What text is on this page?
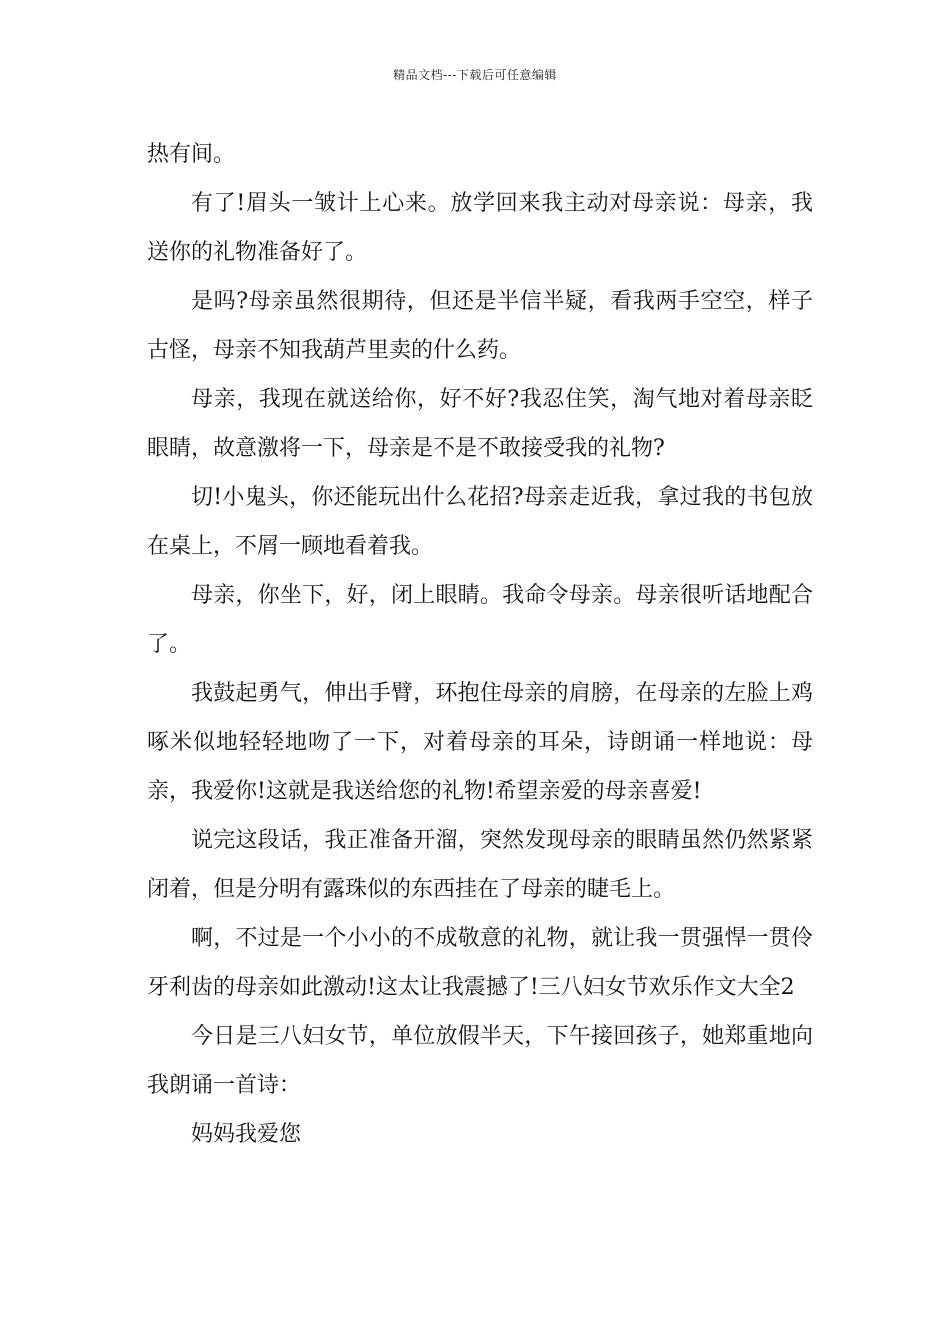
精品文档---下载后可任意编辑

热有间。

有了!眉头一皱计上心来。放学回来我主动对母亲说：母亲，我送你的礼物准备好了。

是吗?母亲虽然很期待，但还是半信半疑，看我两手空空，样子古怪，母亲不知我葫芦里卖的什么药。

母亲，我现在就送给你，好不好?我忍住笑，淘气地对着母亲眨眼睛，故意激将一下，母亲是不是不敢接受我的礼物?

切!小鬼头，你还能玩出什么花招?母亲走近我，拿过我的书包放在桌上，不屑一顾地看着我。

母亲，你坐下，好，闭上眼睛。我命令母亲。母亲很听话地配合了。

我鼓起勇气，伸出手臂，环抱住母亲的肩膀，在母亲的左脸上鸡啄米似地轻轻地吻了一下，对着母亲的耳朵，诗朗诵一样地说：母亲，我爱你!这就是我送给您的礼物!希望亲爱的母亲喜爱!

说完这段话，我正准备开溜，突然发现母亲的眼睛虽然仍然紧紧闭着，但是分明有露珠似的东西挂在了母亲的睫毛上。

啊，不过是一个小小的不成敬意的礼物，就让我一贯强悍一贯伶牙利齿的母亲如此激动!这太让我震撼了!三八妇女节欢乐作文大全2

今日是三八妇女节，单位放假半天，下午接回孩子，她郑重地向我朗诵一首诗：

妈妈我爱您
